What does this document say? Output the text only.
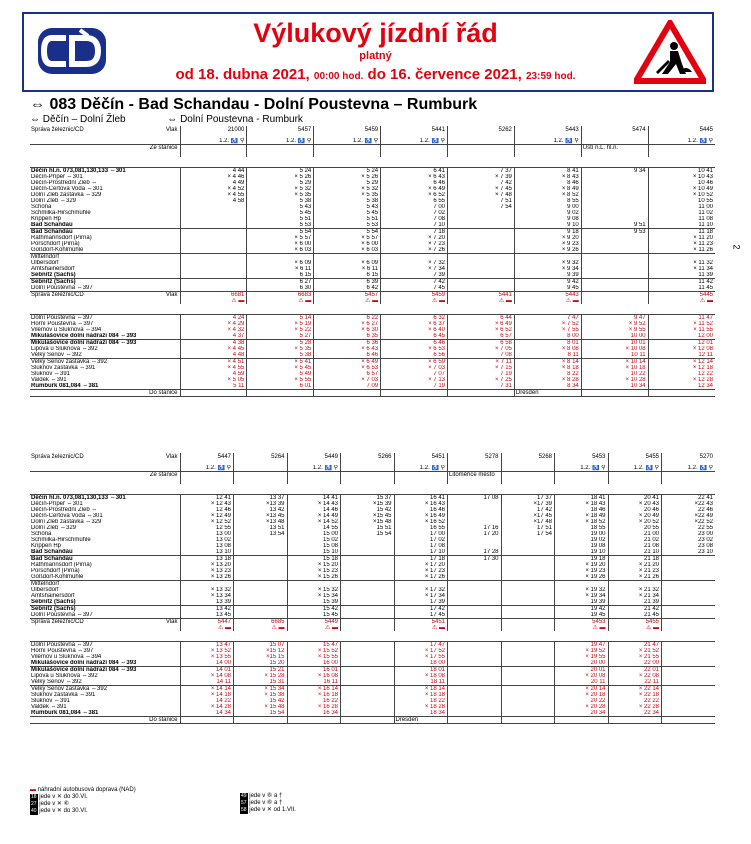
Výlukový jízdní řád
platný
od 18. dubna 2021, 00:00 hod. do 16. července 2021, 23:59 hod.
⇔ 083 Děčín - Bad Schandau - Dolní Poustevna – Rumburk
⇔ Děčín – Dolní Žleb	⇔ Dolní Poustevna - Rumburk
2
Správa železnic/ČD Vlak	21000	5457	5459	5441	5262	5443	5474	5445
	1.2. ♿ ⚲	1.2. ♿ ⚲	1.2. ♿ ⚲	1.2. ♿ ⚲		1.2. ♿ ⚲		1.2. ♿ ⚲
Ze stanice							Ústí n.L. hl.n.	

Děčín hl.n. 073,081,130,133 ⇔301	4 44	5 24	5 24	6 41	7 37	8 41	9 34	10 41
Děčín-Přípeř ⇔301	× 4 46	× 5 26	× 5 26	× 6 43	× 7 39	× 8 43		× 10 43
Děčín-Prostřední Žleb ⇔	4 49	5 29	5 29	6 46	7 42	8 46		10 46
Děčín-Čertova Voda ⇔301	× 4 52	× 5 32	× 5 32	× 6 49	× 7 45	× 8 49		× 10 49
Dolní Žleb zastávka ⇔329	× 4 55	× 5 35	× 5 35	× 6 52	× 7 48	× 8 52		× 10 52
Dolní Žleb ⇔329	4 58	5 38	5 38	6 55	7 51	8 55		10 55
Schöna		5 43	5 43	7 00	7 54	9 00		11 00
Schmilka-Hirschmühle		5 45	5 45	7 02		9 02		11 02
Krippen Hp		5 51	5 51	7 08		9 08		11 08
Bad Schandau		5 53	5 53	7 10		9 10	9 51	11 10
Bad Schandau		5 54	5 54	7 18		9 18	9 53	11 18
Rathmannsdorf (Pirna)		× 5 57	× 5 57	× 7 20		× 9 20		× 11 20
Porschdorf (Pirna)		× 6 00	× 6 00	× 7 23		× 9 23		× 11 23
Goßdorf-Kohlmühle		× 6 03	× 6 03	× 7 26		× 9 26		× 11 26
Mittelndorf								
Ulbersdorf		× 6 09	× 6 09	× 7 32		× 9 32		× 11 32
Amtshainersdorf		× 6 11	× 6 11	× 7 34		× 9 34		× 11 34
Sebnitz (Sachs)		6 15	6 15	7 39		9 39		11 39
Sebnitz (Sachs)		6 27	6 39	7 42		9 42		11 42
Dolní Poustevna ⇔397		6 30	6 42	7 45		9 45		11 45
Správa železnic/ČD Vlak	6681	6683	5457	5459	5441	5443		5445
	⚠ ▬	⚠ ▬	⚠ ▬	⚠ ▬	⚠ ▬	⚠ ▬		⚠ ▬

Dolní Poustevna ⇔397	4 24	5 14	6 22	6 32	6 44	7 47	9 47	11 47
Horní Poustevna ⇔397	× 4 29	× 5 19	× 6 27	× 6 37	× 6 49	× 7 52	× 9 52	× 11 52
Vilémov u Šluknova ⇔394	× 4 32	× 5 22	× 6 30	× 6 40	× 6 52	× 7 55	× 9 55	× 11 55
Mikulášovice dolní nádraží 084 ⇔393	4 37	5 27	6 35	6 45	6 57	8 00	10 00	12 00
Mikulášovice dolní nádraží 084 ⇔393	4 38	5 28	6 36	6 46	6 58	8 01	10 01	12 01
Lipová u Šluknova ⇔392	× 4 45	× 5 35	× 6 43	× 6 53	× 7 05	× 8 08	× 10 08	× 12 08
Velký Šenov ⇔392	4 48	5 38	6 46	6 56	7 08	8 11	10 11	12 11
Velký Šenov zastávka ⇔392	× 4 51	× 5 41	× 6 49	× 6 59	× 7 11	× 8 14	× 10 14	× 12 14
Šluknov zastávka ⇔391	× 4 55	× 5 45	× 6 53	× 7 03	× 7 15	× 8 18	× 10 18	× 12 18
Šluknov ⇔391	4 59	5 49	6 57	7 07	7 19	8 22	10 22	12 22
Valdek ⇔391	× 5 05	× 5 55	× 7 03	× 7 13	× 7 25	× 8 28	× 10 28	× 12 28
Rumburk 081,084 ⇔381	5 11	6 01	7 09	7 19	7 31	8 34	10 34	12 34
Do stanice						Dresden		
Správa železnic/ČD Vlak	5447	5264	5449	5266	5451	5278	5268	5453	5455	5270
	1.2. ♿ ⚲		1.2. ♿ ⚲		1.2. ♿ ⚲			1.2. ♿ ⚲	1.2. ♿ ⚲	1.2. ♿ ⚲
Ze stanice						Litoměřice město				

Děčín hl.n. 073,081,130,133 ⇔301	12 41	13 37	14 41	15 37	16 41	17 08	17 37	18 41	20 41	22 41
Děčín-Přípeř ⇔301	× 12 43	×13 39	× 14 43	×15 39	× 16 43		×17 39	× 18 43	× 20 43	×22 43
Děčín-Prostřední Žleb ⇔	12 46	13 42	14 46	15 42	16 46		17 42	18 46	20 46	22 46
Děčín-Čertova Voda ⇔301	× 12 49	×13 45	× 14 49	×15 45	× 16 49		×17 45	× 18 49	× 20 49	×22 49
Dolní Žleb zastávka ⇔329	× 12 52	×13 48	× 14 52	×15 48	× 16 52		×17 48	× 18 52	× 20 52	×22 52
Dolní Žleb ⇔329	12 55	13 51	14 55	15 51	16 55	17 16	17 51	18 55	20 55	22 55
Schöna	13 00	13 54	15 00	15 54	17 00	17 20	17 54	19 00	21 00	23 00
Schmilka-Hirschmühle	13 02		15 02		17 02			19 02	21 02	23 02
Krippen Hp	13 08		15 08		17 08			19 08	21 08	23 08
Bad Schandau	13 10		15 10		17 10	17 28		19 10	21 10	23 10
Bad Schandau	13 18		15 18		17 18	17 30		19 18	21 18	
Rathmannsdorf (Pirna)	× 13 20		× 15 20		× 17 20			× 19 20	× 21 20	
Porschdorf (Pirna)	× 13 23		× 15 23		× 17 23			× 19 23	× 21 23	
Goßdorf-Kohlmühle	× 13 26		× 15 26		× 17 26			× 19 26	× 21 26	
Mittelndorf										
Ulbersdorf	× 13 32		× 15 32		× 17 32			× 19 32	× 21 32	
Amtshainersdorf	× 13 34		× 15 34		× 17 34			× 19 34	× 21 34	
Sebnitz (Sachs)	13 39		15 39		17 39			19 39	21 39	
Sebnitz (Sachs)	13 42		15 42		17 42			19 42	21 42	
Dolní Poustevna ⇔397	13 45		15 45		17 45			19 45	21 45	
Správa železnic/ČD Vlak	5447	6685	5449		5451			5453	5455	
	⚠ ▬	⚠ ▬	⚠ ▬		⚠ ▬			⚠ ▬	⚠ ▬	

Dolní Poustevna ⇔397	13 47	15 07	15 47		17 47			19 47	21 47	
Horní Poustevna ⇔397	× 13 52	×15 12	× 15 52		× 17 52			× 19 52	× 21 52	
Vilémov u Šluknova ⇔394	× 13 55	×15 15	× 15 55		× 17 55			× 19 55	× 21 55	
Mikulášovice dolní nádraží 084 ⇔393	14 00	15 20	16 00		18 00			20 00	22 00	
Mikulášovice dolní nádraží 084 ⇔393	14 01	15 21	16 01		18 01			20 01	22 01	
Lipová u Šluknova ⇔392	× 14 08	× 15 28	× 16 08		× 18 08			× 20 08	× 22 08	
Velký Šenov ⇔392	14 11	15 31	16 11		18 11			20 11	22 11	
Velký Šenov zastávka ⇔392	× 14 14	× 15 34	× 16 14		× 18 14			× 20 14	× 22 14	
Šluknov zastávka ⇔391	× 14 18	× 15 38	× 16 18		× 18 18			× 20 18	× 22 18	
Šluknov ⇔391	14 22	15 42	16 22		18 22			20 22	22 22	
Valdek ⇔391	× 14 28	× 15 48	× 16 28		× 18 28			× 20 28	× 22 28	
Rumburk 081,084 ⇔381	14 34	15 54	16 34		18 34			20 34	22 34	
Do stanice					Dresden					
▬ náhradní autobusová doprava (NAD)
18 jede v ✕ do 30.VI.
27 jede v ✕ ⑥
40 jede v ✕ do 30.VI.
49 jede v ⑥ a †
57 jede v ⑥ a †
58 jede v ✕ od 1.VII.
